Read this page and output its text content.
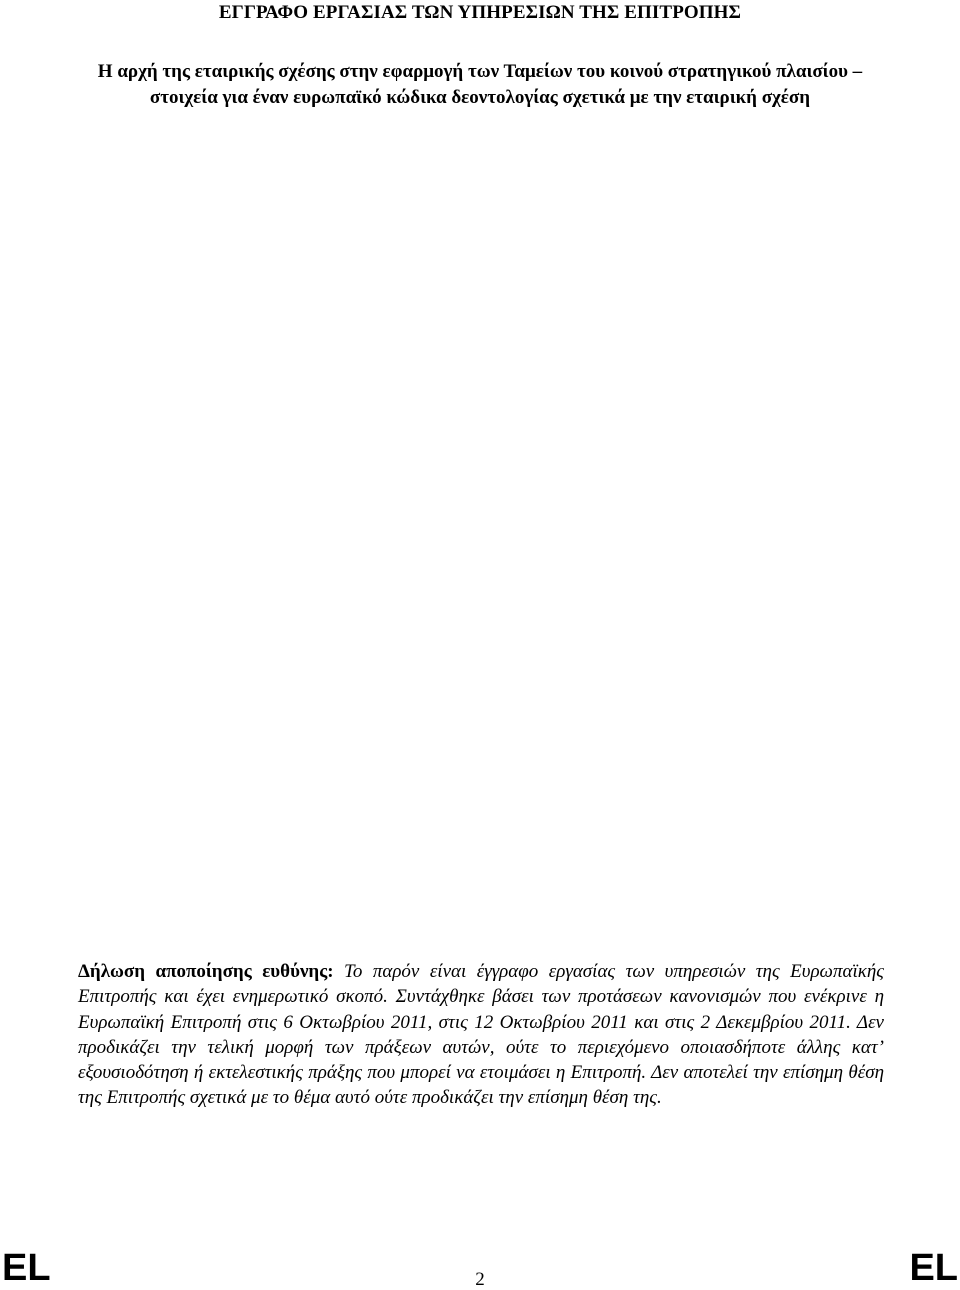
ΕΓΓΡΑΦΟ ΕΡΓΑΣΙΑΣ ΤΩΝ ΥΠΗΡΕΣΙΩΝ ΤΗΣ ΕΠΙΤΡΟΠΗΣ
Η αρχή της εταιρικής σχέσης στην εφαρμογή των Ταμείων του κοινού στρατηγικού πλαισίου – στοιχεία για έναν ευρωπαϊκό κώδικα δεοντολογίας σχετικά με την εταιρική σχέση
Δήλωση αποποίησης ευθύνης: Το παρόν είναι έγγραφο εργασίας των υπηρεσιών της Ευρωπαϊκής Επιτροπής και έχει ενημερωτικό σκοπό. Συντάχθηκε βάσει των προτάσεων κανονισμών που ενέκρινε η Ευρωπαϊκή Επιτροπή στις 6 Οκτωβρίου 2011, στις 12 Οκτωβρίου 2011 και στις 2 Δεκεμβρίου 2011. Δεν προδικάζει την τελική μορφή των πράξεων αυτών, ούτε το περιεχόμενο οποιασδήποτε άλλης κατ’ εξουσιοδότηση ή εκτελεστικής πράξης που μπορεί να ετοιμάσει η Επιτροπή. Δεν αποτελεί την επίσημη θέση της Επιτροπής σχετικά με το θέμα αυτό ούτε προδικάζει την επίσημη θέση της.
EL	2	EL
